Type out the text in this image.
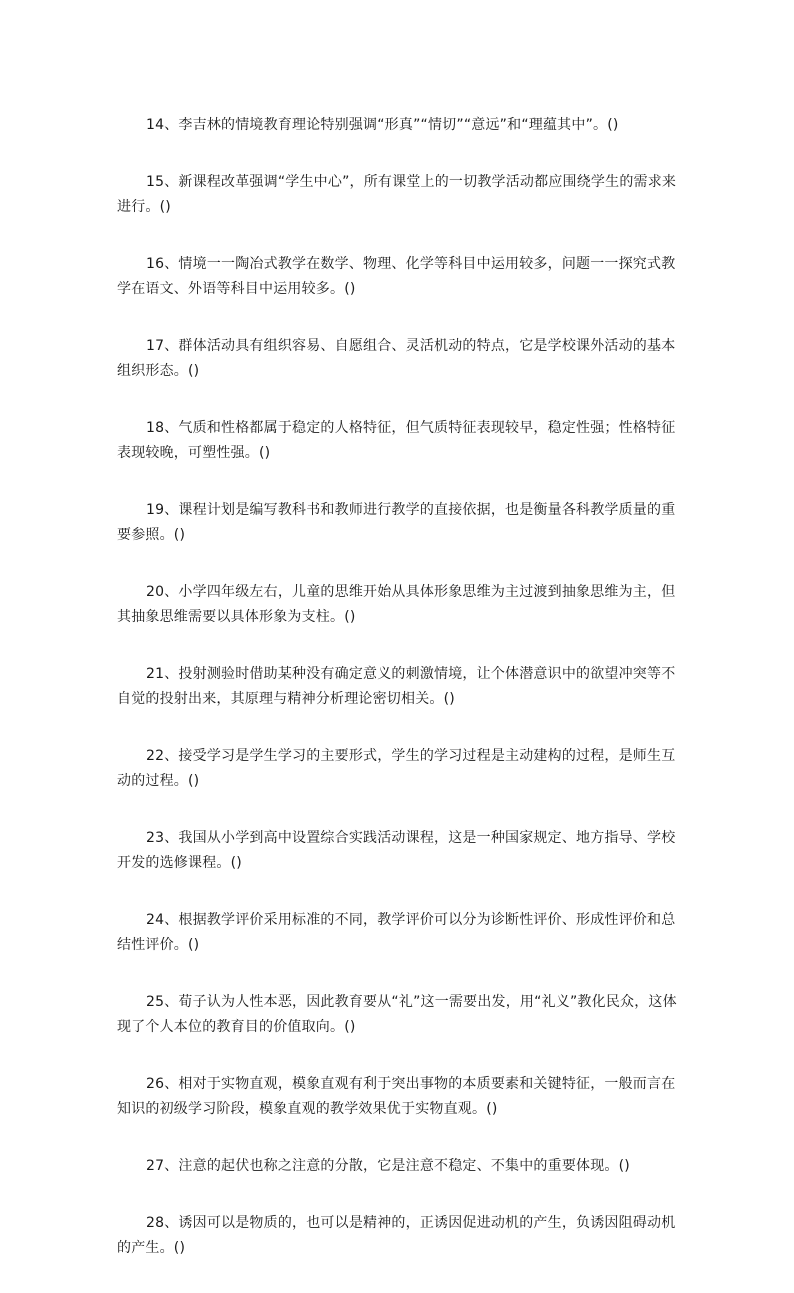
14、李吉林的情境教育理论特别强调“形真”“情切”“意远”和“理蕴其中”。()

15、新课程改革强调“学生中心”，所有课堂上的一切教学活动都应围绕学生的需求来进行。()

16、情境一一陶冶式教学在数学、物理、化学等科目中运用较多，问题一一探究式教学在语文、外语等科目中运用较多。()

17、群体活动具有组织容易、自愿组合、灵活机动的特点，它是学校课外活动的基本组织形态。()

18、气质和性格都属于稳定的人格特征，但气质特征表现较早，稳定性强；性格特征表现较晚，可塑性强。()

19、课程计划是编写教科书和教师进行教学的直接依据，也是衡量各科教学质量的重要参照。()

20、小学四年级左右，儿童的思维开始从具体形象思维为主过渡到抽象思维为主，但其抽象思维需要以具体形象为支柱。()

21、投射测验时借助某种没有确定意义的刺激情境，让个体潜意识中的欲望冲突等不自觉的投射出来，其原理与精神分析理论密切相关。()

22、接受学习是学生学习的主要形式，学生的学习过程是主动建构的过程，是师生互动的过程。()

23、我国从小学到高中设置综合实践活动课程，这是一种国家规定、地方指导、学校开发的选修课程。()

24、根据教学评价采用标准的不同，教学评价可以分为诊断性评价、形成性评价和总结性评价。()

25、荀子认为人性本恶，因此教育要从“礼”这一需要出发，用“礼义”教化民众，这体现了个人本位的教育目的价值取向。()

26、相对于实物直观，模象直观有利于突出事物的本质要素和关键特征，一般而言在知识的初级学习阶段，模象直观的教学效果优于实物直观。()

27、注意的起伏也称之注意的分散，它是注意不稳定、不集中的重要体现。()

28、诱因可以是物质的，也可以是精神的，正诱因促进动机的产生，负诱因阻碍动机的产生。()
